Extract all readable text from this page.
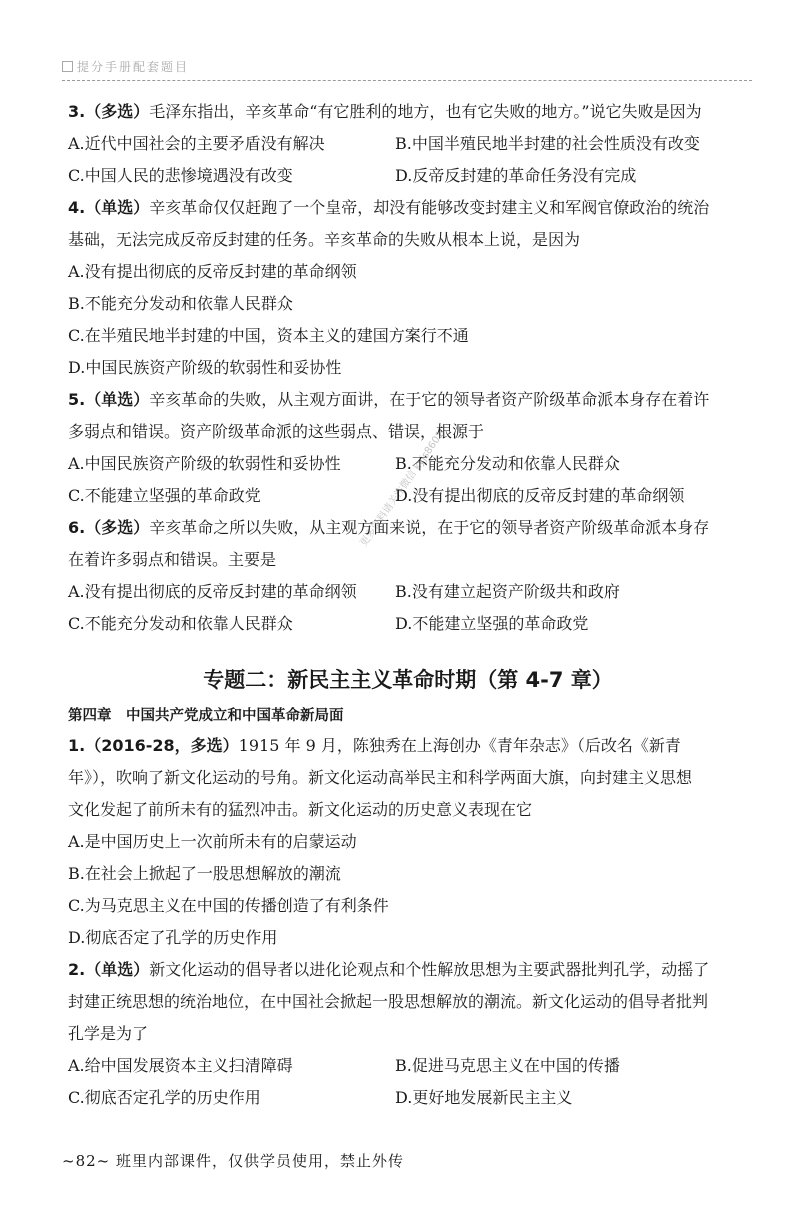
提分手册配套题目
更多资料请关注微信 kyjs8601
3.（多选）毛泽东指出，辛亥革命“有它胜利的地方，也有它失败的地方。”说它失败是因为
A.近代中国社会的主要矛盾没有解决	B.中国半殖民地半封建的社会性质没有改变
C.中国人民的悲惨境遇没有改变	D.反帝反封建的革命任务没有完成
4.（单选）辛亥革命仅仅赶跑了一个皇帝，却没有能够改变封建主义和军阀官僚政治的统治
基础，无法完成反帝反封建的任务。辛亥革命的失败从根本上说，是因为
A.没有提出彻底的反帝反封建的革命纲领
B.不能充分发动和依靠人民群众
C.在半殖民地半封建的中国，资本主义的建国方案行不通
D.中国民族资产阶级的软弱性和妥协性
5.（单选）辛亥革命的失败，从主观方面讲，在于它的领导者资产阶级革命派本身存在着许
多弱点和错误。资产阶级革命派的这些弱点、错误，根源于
A.中国民族资产阶级的软弱性和妥协性	B.不能充分发动和依靠人民群众
C.不能建立坚强的革命政党	D.没有提出彻底的反帝反封建的革命纲领
6.（多选）辛亥革命之所以失败，从主观方面来说，在于它的领导者资产阶级革命派本身存
在着许多弱点和错误。主要是
A.没有提出彻底的反帝反封建的革命纲领	B.没有建立起资产阶级共和政府
C.不能充分发动和依靠人民群众	D.不能建立坚强的革命政党
专题二：新民主主义革命时期（第 4-7 章）
第四章　中国共产党成立和中国革命新局面
1.（2016-28，多选）1915 年 9 月，陈独秀在上海创办《青年杂志》（后改名《新青
年》），吹响了新文化运动的号角。新文化运动高举民主和科学两面大旗，向封建主义思想
文化发起了前所未有的猛烈冲击。新文化运动的历史意义表现在它
A.是中国历史上一次前所未有的启蒙运动
B.在社会上掀起了一股思想解放的潮流
C.为马克思主义在中国的传播创造了有利条件
D.彻底否定了孔学的历史作用
2.（单选）新文化运动的倡导者以进化论观点和个性解放思想为主要武器批判孔学，动摇了
封建正统思想的统治地位，在中国社会掀起一股思想解放的潮流。新文化运动的倡导者批判
孔学是为了
A.给中国发展资本主义扫清障碍	B.促进马克思主义在中国的传播
C.彻底否定孔学的历史作用	D.更好地发展新民主主义
~82~ 班里内部课件，仅供学员使用，禁止外传
